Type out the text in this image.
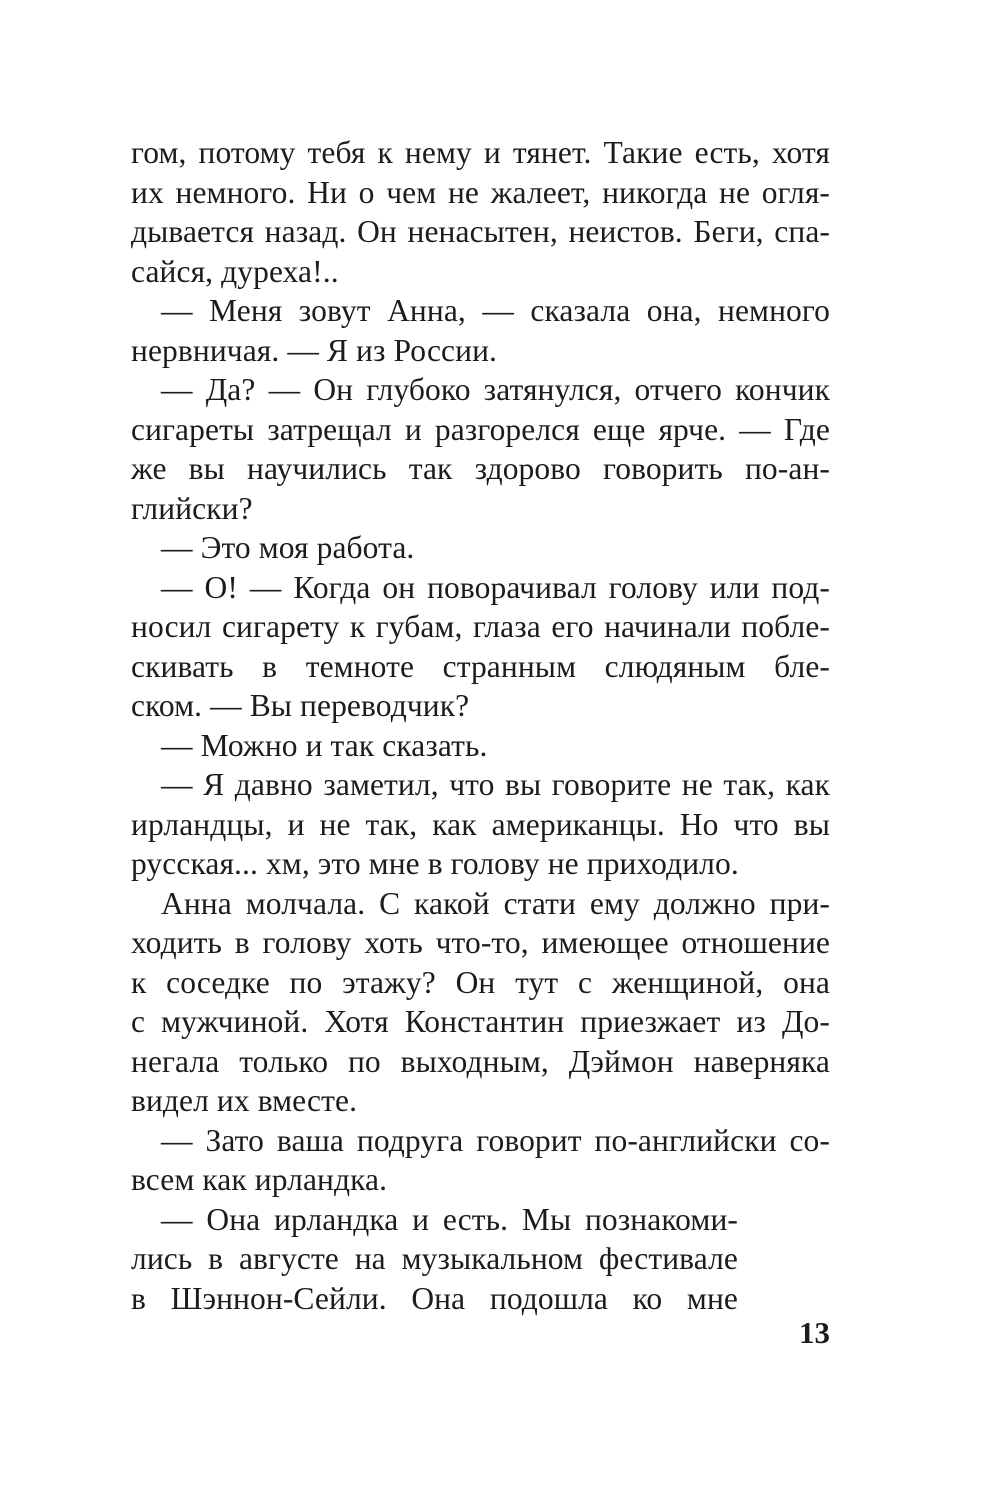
гом, потому тебя к нему и тянет. Такие есть, хотя
их немного. Ни о чем не жалеет, никогда не огля-
дывается назад. Он ненасытен, неистов. Беги, спа-
сайся, дуреха!..
— Меня зовут Анна, — сказала она, немного
нервничая. — Я из России.
— Да? — Он глубоко затянулся, отчего кончик
сигареты затрещал и разгорелся еще ярче. — Где
же вы научились так здорово говорить по-ан-
глийски?
— Это моя работа.
— О! — Когда он поворачивал голову или под-
носил сигарету к губам, глаза его начинали побле-
скивать в темноте странным слюдяным бле-
ском. — Вы переводчик?
— Можно и так сказать.
— Я давно заметил, что вы говорите не так, как
ирландцы, и не так, как американцы. Но что вы
русская... хм, это мне в голову не приходило.
Анна молчала. С какой стати ему должно при-
ходить в голову хоть что-то, имеющее отношение
к соседке по этажу? Он тут с женщиной, она
с мужчиной. Хотя Константин приезжает из До-
негала только по выходным, Дэймон наверняка
видел их вместе.
— Зато ваша подруга говорит по-английски со-
всем как ирландка.
— Она ирландка и есть. Мы познакоми-
лись в августе на музыкальном фестивале
в Шэннон-Сейли. Она подошла ко мне
13
